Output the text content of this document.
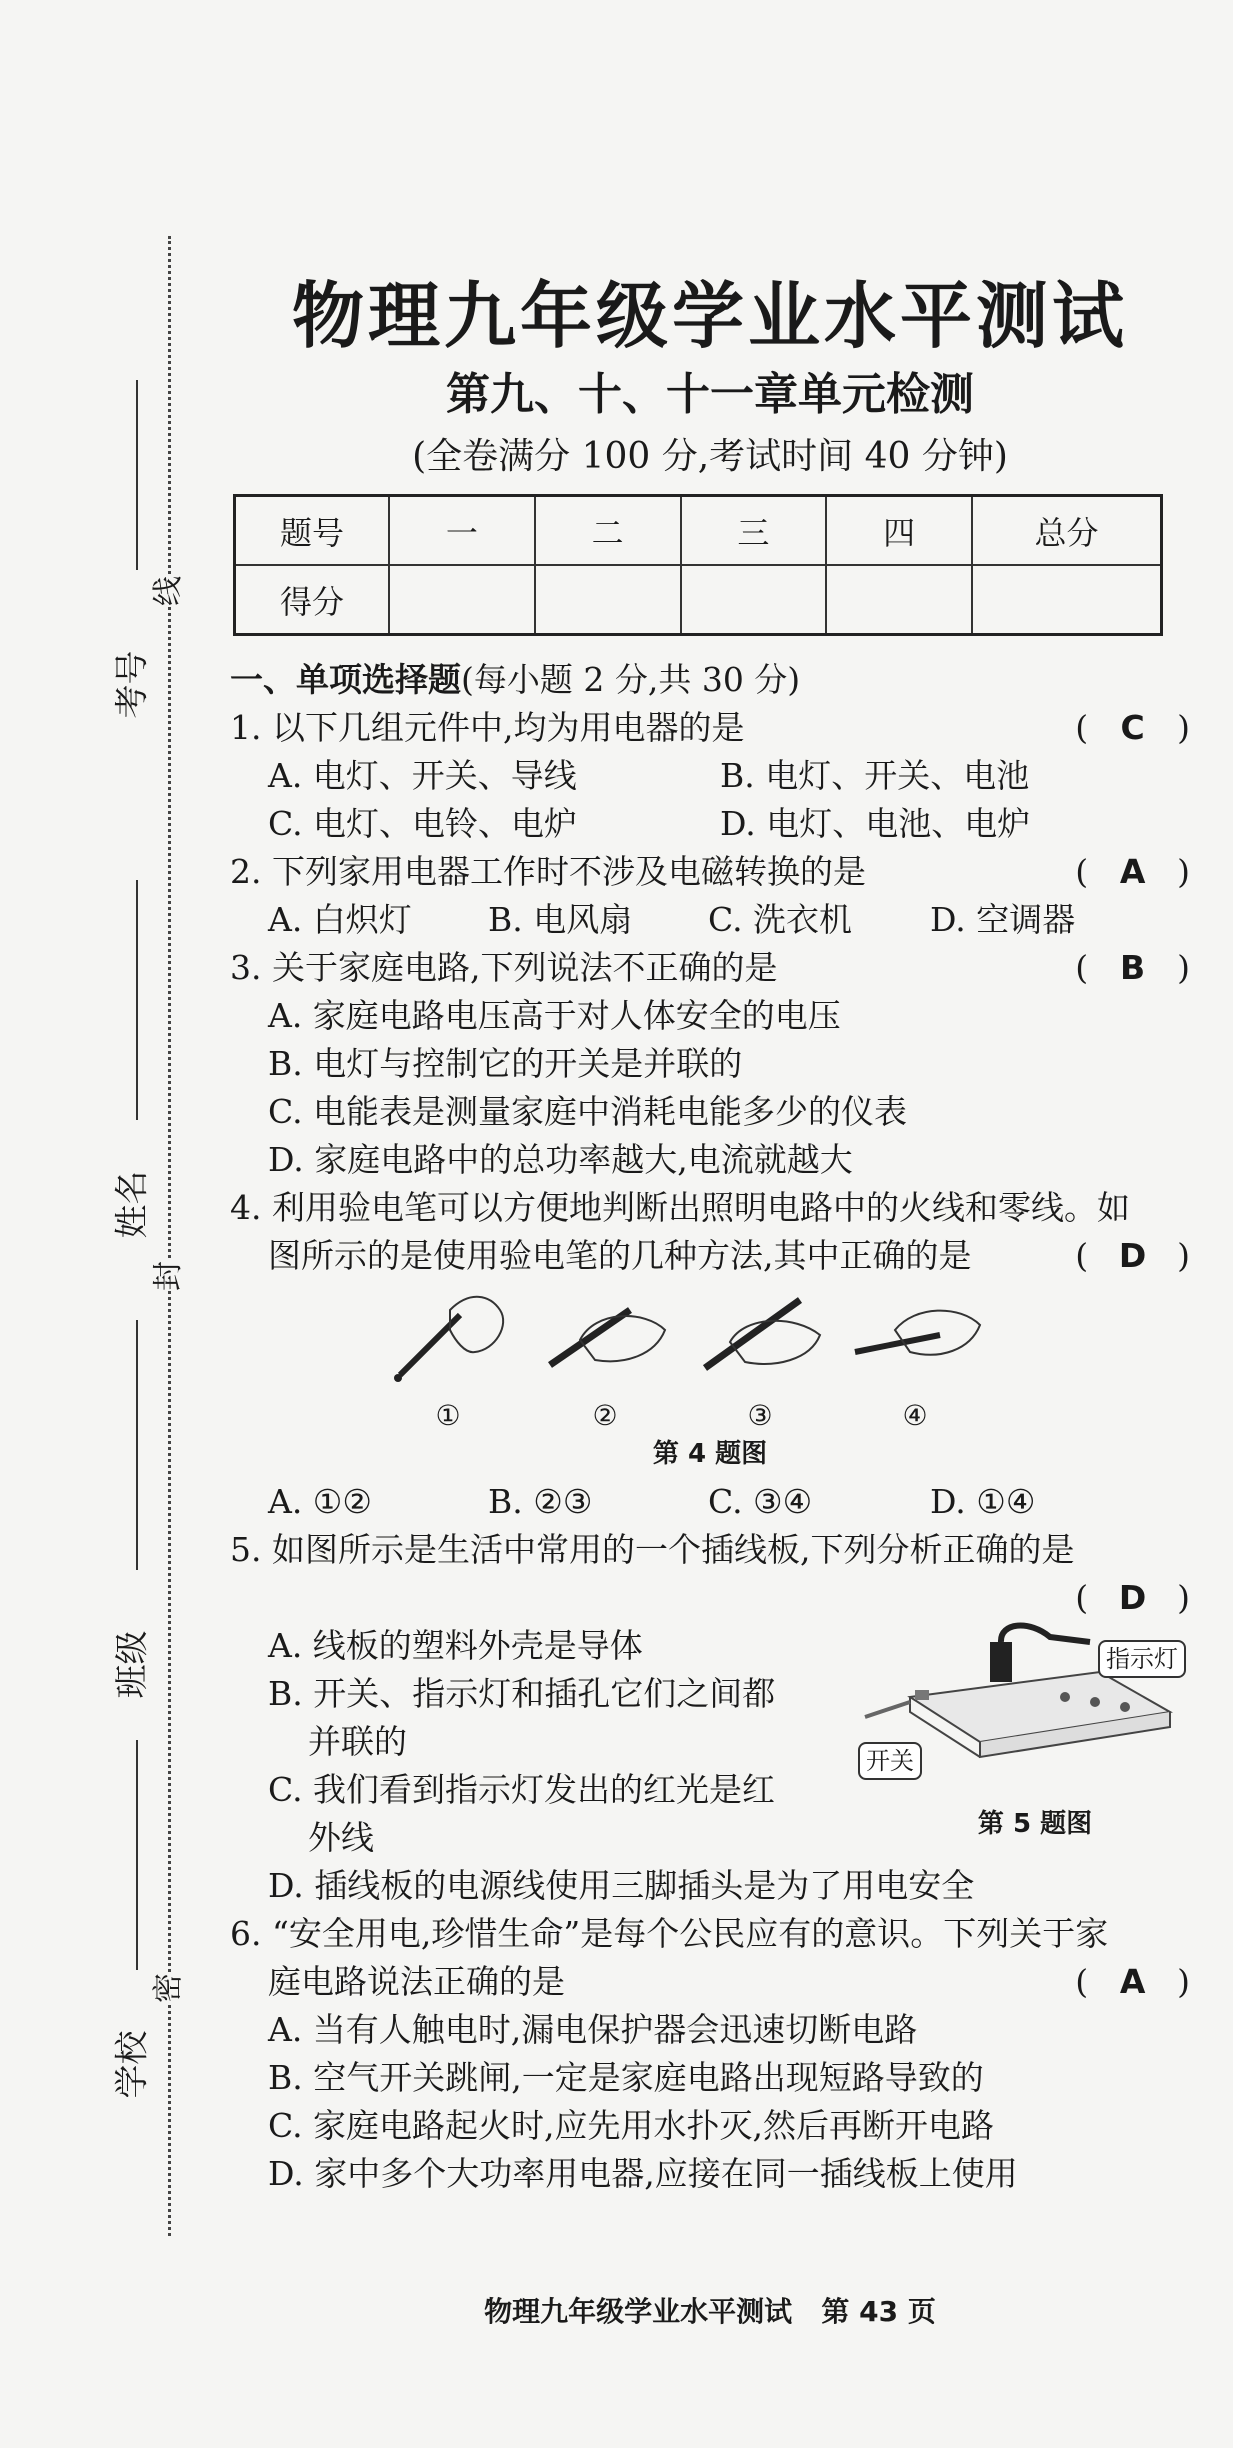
考号
线
姓名
封
班级
密
学校
物理九年级学业水平测试
第九、十、十一章单元检测
(全卷满分 100 分,考试时间 40 分钟)
题号	一	二	三	四	总分
得分					
一、单项选择题(每小题 2 分,共 30 分)
1. 以下几组元件中,均为用电器的是	( C )
A. 电灯、开关、导线	B. 电灯、开关、电池
C. 电灯、电铃、电炉	D. 电灯、电池、电炉
2. 下列家用电器工作时不涉及电磁转换的是	( A )
A. 白炽灯 B. 电风扇 C. 洗衣机 D. 空调器
3. 关于家庭电路,下列说法不正确的是	( B )
A. 家庭电路电压高于对人体安全的电压
B. 电灯与控制它的开关是并联的
C. 电能表是测量家庭中消耗电能多少的仪表
D. 家庭电路中的总功率越大,电流就越大
4. 利用验电笔可以方便地判断出照明电路中的火线和零线。如
图所示的是使用验电笔的几种方法,其中正确的是	( D )
①	②	③	④
第 4 题图
A. ①②	B. ②③	C. ③④	D. ①④
5. 如图所示是生活中常用的一个插线板,下列分析正确的是
( D )
A. 线板的塑料外壳是导体
B. 开关、指示灯和插孔它们之间都
并联的
C. 我们看到指示灯发出的红光是红
外线
指示灯
开关
第 5 题图
D. 插线板的电源线使用三脚插头是为了用电安全
6. “安全用电,珍惜生命”是每个公民应有的意识。下列关于家
庭电路说法正确的是	( A )
A. 当有人触电时,漏电保护器会迅速切断电路
B. 空气开关跳闸,一定是家庭电路出现短路导致的
C. 家庭电路起火时,应先用水扑灭,然后再断开电路
D. 家中多个大功率用电器,应接在同一插线板上使用
物理九年级学业水平测试 第 43 页
